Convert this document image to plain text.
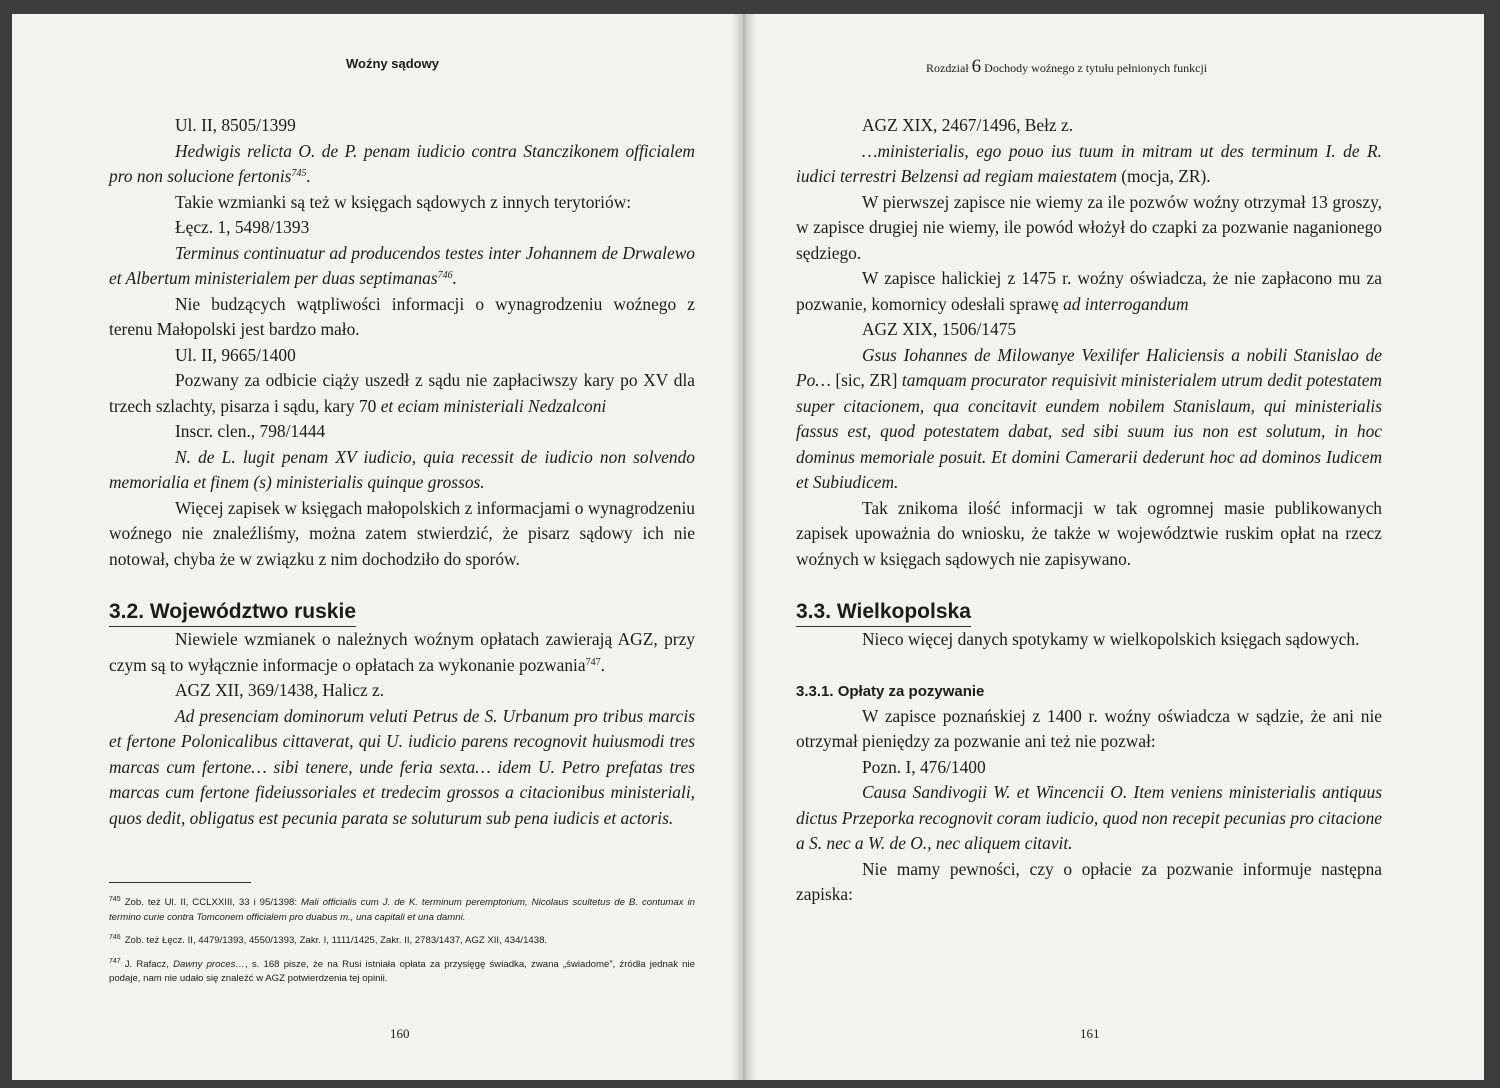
Woźny sądowy

Ul. II, 8505/1399

Hedwigis relicta O. de P. penam iudicio contra Stanczikonem officialem pro non solucione fertonis$^{745}$.

Takie wzmianki są też w księgach sądowych z innych terytoriów:

Łęcz. 1, 5498/1393

Terminus continuatur ad producendos testes inter Johannem de Drwalewo et Albertum ministerialem per duas septimanas$^{746}$.

Nie budzących wątpliwości informacji o wynagrodzeniu woźnego z terenu Małopolski jest bardzo mało.

Ul. II, 9665/1400

Pozwany za odbicie ciąży uszedł z sądu nie zapłaciwszy kary po XV dla trzech szlachty, pisarza i sądu, kary 70 et eciam ministeriali Nedzalconi

Inscr. clen., 798/1444

N. de L. lugit penam XV iudicio, quia recessit de iudicio non solvendo memorialia et finem (s) ministerialis quinque grossos.

Więcej zapisek w księgach małopolskich z informacjami o wynagrodzeniu woźnego nie znaleźliśmy, można zatem stwierdzić, że pisarz sądowy ich nie notował, chyba że w związku z nim dochodziło do sporów.

3.2. Województwo ruskie

Niewiele wzmianek o należnych woźnym opłatach zawierają AGZ, przy czym są to wyłącznie informacje o opłatach za wykonanie pozwania$^{747}$.

AGZ XII, 369/1438, Halicz z.

Ad presenciam dominorum veluti Petrus de S. Urbanum pro tribus marcis et fertone Polonicalibus cittaverat, qui U. iudicio parens recognovit huiusmodi tres marcas cum fertone… sibi tenere, unde feria sexta… idem U. Petro prefatas tres marcas cum fertone fideiussoriales et tredecim grossos a citacionibus ministeriali, quos dedit, obligatus est pecunia parata se soluturum sub pena iudicis et actoris.

$^{745}$ Zob. też Ul. II, CCLXXIII, 33 i 95/1398: Mali officialis cum J. de K. terminum peremptorium, Nicolaus scultetus de B. contumax in termino curie contra Tomconem officialem pro duabus m., una capitali et una damni.

$^{746}$ Zob. też Łęcz. II, 4479/1393, 4550/1393, Zakr. I, 1111/1425, Zakr. II, 2783/1437, AGZ XII, 434/1438.

$^{747}$ J. Rafacz, Dawny proces…, s. 168 pisze, że na Rusi istniała opłata za przysięgę świadka, zwana „świadome”, źródła jednak nie podaje, nam nie udało się znaleźć w AGZ potwierdzenia tej opinii.

160
Rozdział 6 Dochody woźnego z tytułu pełnionych funkcji

AGZ XIX, 2467/1496, Bełz z.

…ministerialis, ego pouo ius tuum in mitram ut des terminum I. de R. iudici terrestri Belzensi ad regiam maiestatem (mocja, ZR).

W pierwszej zapisce nie wiemy za ile pozwów woźny otrzymał 13 groszy, w zapisce drugiej nie wiemy, ile powód włożył do czapki za pozwanie naganionego sędziego.

W zapisce halickiej z 1475 r. woźny oświadcza, że nie zapłacono mu za pozwanie, komornicy odesłali sprawę ad interrogandum

AGZ XIX, 1506/1475

Gsus Iohannes de Milowanye Vexilifer Haliciensis a nobili Stanislao de Po… [sic, ZR] tamquam procurator requisivit ministerialem utrum dedit potestatem super citacionem, qua concitavit eundem nobilem Stanislaum, qui ministerialis fassus est, quod potestatem dabat, sed sibi suum ius non est solutum, in hoc dominus memoriale posuit. Et domini Camerarii dederunt hoc ad dominos Iudicem et Subiudicem.

Tak znikoma ilość informacji w tak ogromnej masie publikowanych zapisek upoważnia do wniosku, że także w województwie ruskim opłat na rzecz woźnych w księgach sądowych nie zapisywano.

3.3. Wielkopolska

Nieco więcej danych spotykamy w wielkopolskich księgach sądowych.

3.3.1. Opłaty za pozywanie

W zapisce poznańskiej z 1400 r. woźny oświadcza w sądzie, że ani nie otrzymał pieniędzy za pozwanie ani też nie pozwał:

Pozn. I, 476/1400

Causa Sandivogii W. et Wincencii O. Item veniens ministerialis antiquus dictus Przeporka recognovit coram iudicio, quod non recepit pecunias pro citacione a S. nec a W. de O., nec aliquem citavit.

Nie mamy pewności, czy o opłacie za pozwanie informuje następna zapiska:

161
